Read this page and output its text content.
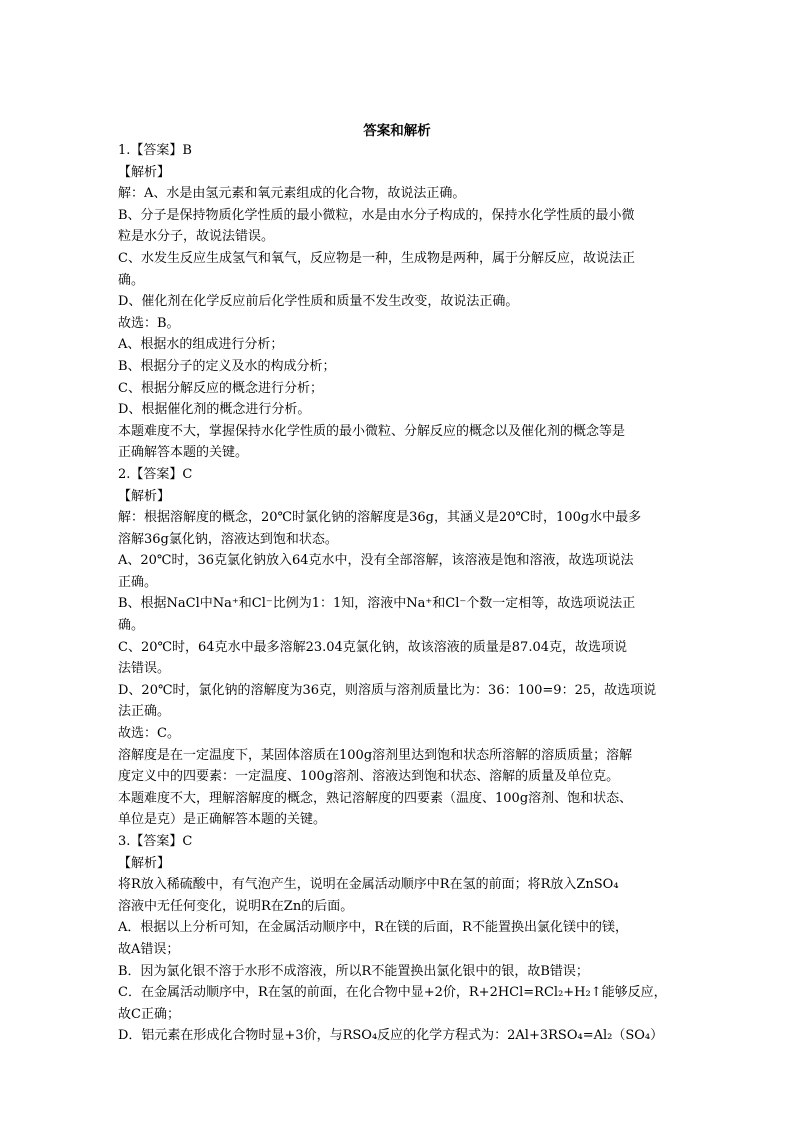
答案和解析
1.【答案】B
【解析】
解：A、水是由氢元素和氧元素组成的化合物，故说法正确。
B、分子是保持物质化学性质的最小微粒，水是由水分子构成的，保持水化学性质的最小微
粒是水分子，故说法错误。
C、水发生反应生成氢气和氧气，反应物是一种，生成物是两种，属于分解反应，故说法正
确。
D、催化剂在化学反应前后化学性质和质量不发生改变，故说法正确。
故选：B。
A、根据水的组成进行分析；
B、根据分子的定义及水的构成分析；
C、根据分解反应的概念进行分析；
D、根据催化剂的概念进行分析。
本题难度不大，掌握保持水化学性质的最小微粒、分解反应的概念以及催化剂的概念等是
正确解答本题的关键。
2.【答案】C
【解析】
解：根据溶解度的概念，20℃时氯化钠的溶解度是36g，其涵义是20℃时，100g水中最多
溶解36g氯化钠，溶液达到饱和状态。
A、20℃时，36克氯化钠放入64克水中，没有全部溶解，该溶液是饱和溶液，故选项说法
正确。
B、根据NaCl中Na⁺和Cl⁻比例为1：1知，溶液中Na⁺和Cl⁻个数一定相等，故选项说法正
确。
C、20℃时，64克水中最多溶解23.04克氯化钠，故该溶液的质量是87.04克，故选项说
法错误。
D、20℃时，氯化钠的溶解度为36克，则溶质与溶剂质量比为：36：100=9：25，故选项说
法正确。
故选：C。
溶解度是在一定温度下，某固体溶质在100g溶剂里达到饱和状态所溶解的溶质质量；溶解
度定义中的四要素：一定温度、100g溶剂、溶液达到饱和状态、溶解的质量及单位克。
本题难度不大，理解溶解度的概念，熟记溶解度的四要素（温度、100g溶剂、饱和状态、
单位是克）是正确解答本题的关键。
3.【答案】C
【解析】
将R放入稀硫酸中，有气泡产生，说明在金属活动顺序中R在氢的前面；将R放入ZnSO₄
溶液中无任何变化，说明R在Zn的后面。
A．根据以上分析可知，在金属活动顺序中，R在镁的后面，R不能置换出氯化镁中的镁，
故A错误；
B．因为氯化银不溶于水形不成溶液，所以R不能置换出氯化银中的银，故B错误；
C．在金属活动顺序中，R在氢的前面，在化合物中显+2价，R+2HCl=RCl₂+H₂↑能够反应，
故C正确；
D．铝元素在形成化合物时显+3价，与RSO₄反应的化学方程式为：2Al+3RSO₄=Al₂（SO₄）
